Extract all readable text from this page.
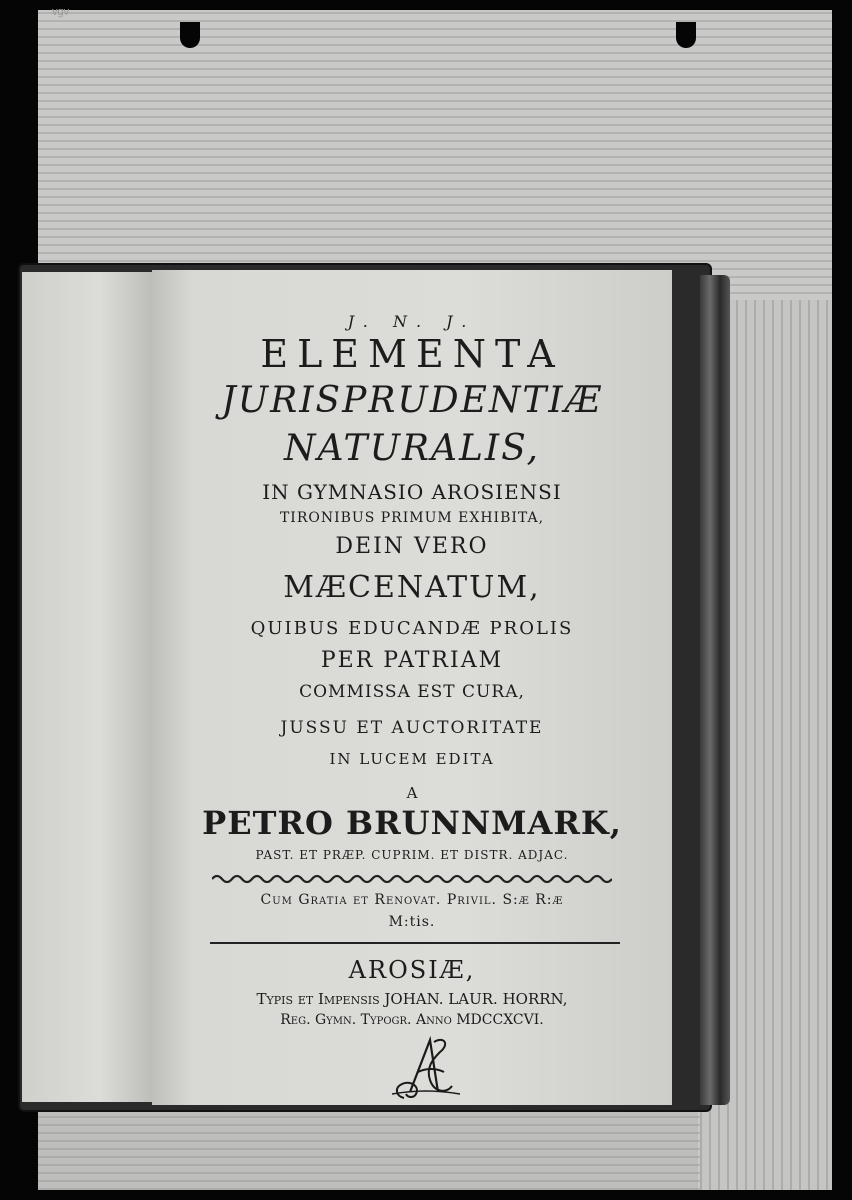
vgv
J. N. J.
ELEMENTA
JURISPRUDENTIÆ
NATURALIS,
IN GYMNASIO AROSIENSI
TIRONIBUS PRIMUM EXHIBITA,
DEIN VERO
MÆCENATUM,
QUIBUS EDUCANDÆ PROLIS
PER PATRIAM
COMMISSA EST CURA,
JUSSU ET AUCTORITATE
IN LUCEM EDITA
A
PETRO BRUNNMARK,
PAST. ET PRÆP. CUPRIM. ET DISTR. ADJAC.
Cum Gratia et Renovat. Privil. S:æ R:æ
M:tis.
AROSIÆ,
Typis et Impensis JOHAN. LAUR. HORRN,
Reg. Gymn. Typogr. Anno MDCCXCVI.
